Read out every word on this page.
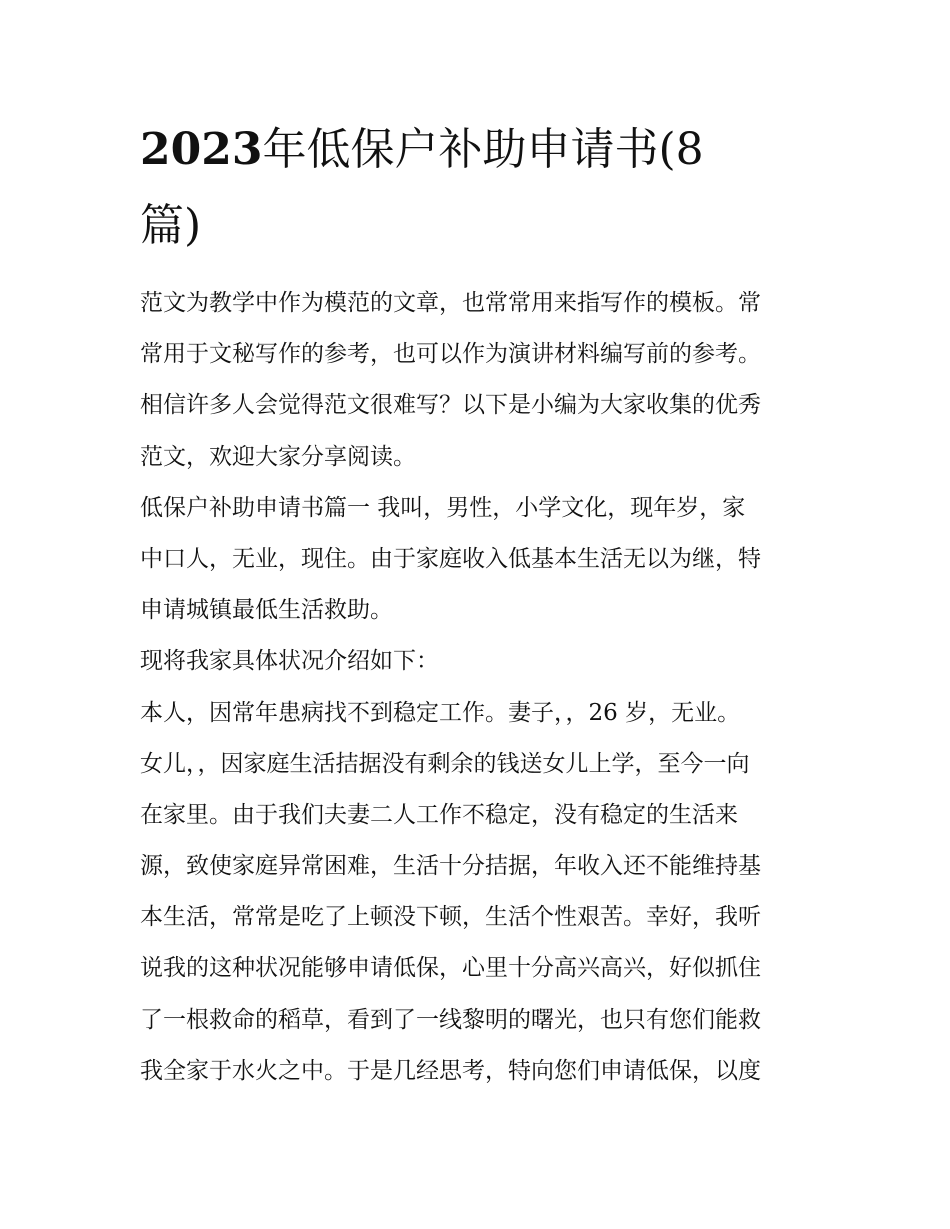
2023年低保户补助申请书(8
篇)
范文为教学中作为模范的文章，也常常用来指写作的模板。常
常用于文秘写作的参考，也可以作为演讲材料编写前的参考。
相信许多人会觉得范文很难写？以下是小编为大家收集的优秀
范文，欢迎大家分享阅读。
低保户补助申请书篇一 我叫，男性，小学文化，现年岁，家
中口人，无业，现住。由于家庭收入低基本生活无以为继，特
申请城镇最低生活救助。
现将我家具体状况介绍如下：
本人，因常年患病找不到稳定工作。妻子，，26 岁，无业。
女儿，，因家庭生活拮据没有剩余的钱送女儿上学，至今一向
在家里。由于我们夫妻二人工作不稳定，没有稳定的生活来
源，致使家庭异常困难，生活十分拮据，年收入还不能维持基
本生活，常常是吃了上顿没下顿，生活个性艰苦。幸好，我听
说我的这种状况能够申请低保，心里十分高兴高兴，好似抓住
了一根救命的稻草，看到了一线黎明的曙光，也只有您们能救
我全家于水火之中。于是几经思考，特向您们申请低保，以度
